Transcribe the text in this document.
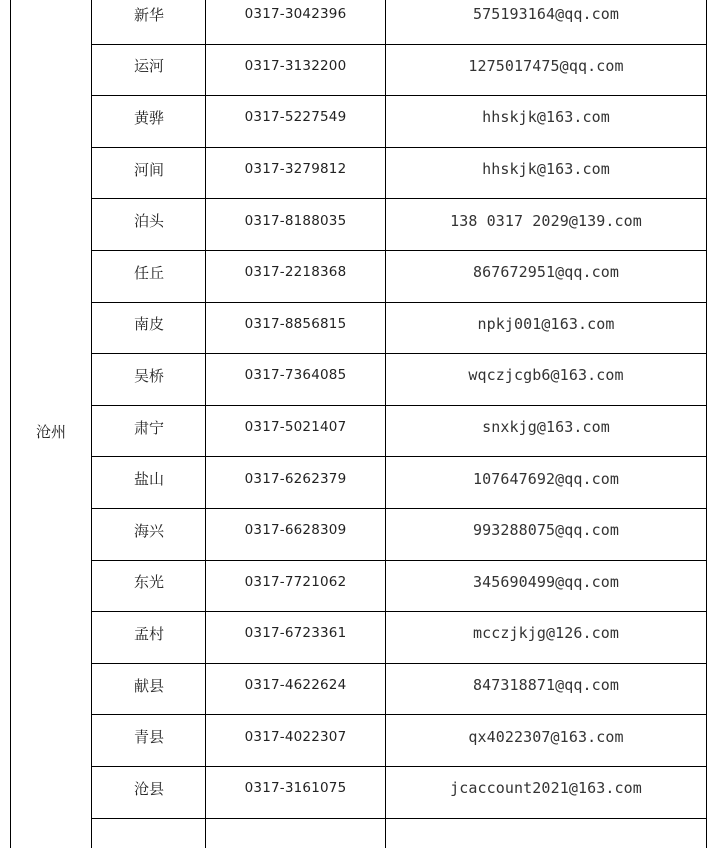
沧州	新华	0317-3042396	575193164@qq.com
	运河	0317-3132200	1275017475@qq.com
	黄骅	0317-5227549	hhskjk@163.com
	河间	0317-3279812	hhskjk@163.com
	泊头	0317-8188035	138 0317 2029@139.com
	任丘	0317-2218368	867672951@qq.com
	南皮	0317-8856815	npkj001@163.com
	吴桥	0317-7364085	wqczjcgb6@163.com
	肃宁	0317-5021407	snxkjg@163.com
	盐山	0317-6262379	107647692@qq.com
	海兴	0317-6628309	993288075@qq.com
	东光	0317-7721062	345690499@qq.com
	孟村	0317-6723361	mcczjkjg@126.com
	献县	0317-4622624	847318871@qq.com
	青县	0317-4022307	qx4022307@163.com
	沧县	0317-3161075	jcaccount2021@163.com
